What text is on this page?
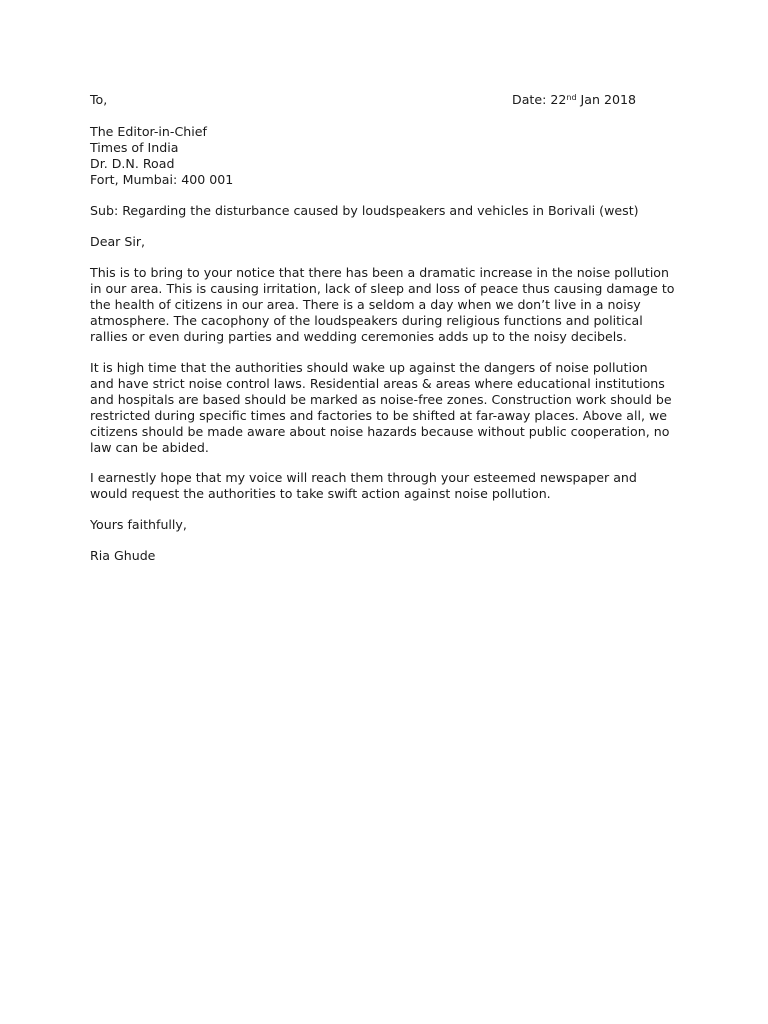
To,	Date: 22nd Jan 2018
The Editor-in-Chief
Times of India
Dr. D.N. Road
Fort, Mumbai: 400 001
Sub: Regarding the disturbance caused by loudspeakers and vehicles in Borivali (west)
Dear Sir,
This is to bring to your notice that there has been a dramatic increase in the noise pollution
in our area. This is causing irritation, lack of sleep and loss of peace thus causing damage to
the health of citizens in our area. There is a seldom a day when we don’t live in a noisy
atmosphere. The cacophony of the loudspeakers during religious functions and political
rallies or even during parties and wedding ceremonies adds up to the noisy decibels.
It is high time that the authorities should wake up against the dangers of noise pollution
and have strict noise control laws. Residential areas & areas where educational institutions
and hospitals are based should be marked as noise-free zones. Construction work should be
restricted during specific times and factories to be shifted at far-away places. Above all, we
citizens should be made aware about noise hazards because without public cooperation, no
law can be abided.
I earnestly hope that my voice will reach them through your esteemed newspaper and
would request the authorities to take swift action against noise pollution.
Yours faithfully,
Ria Ghude
